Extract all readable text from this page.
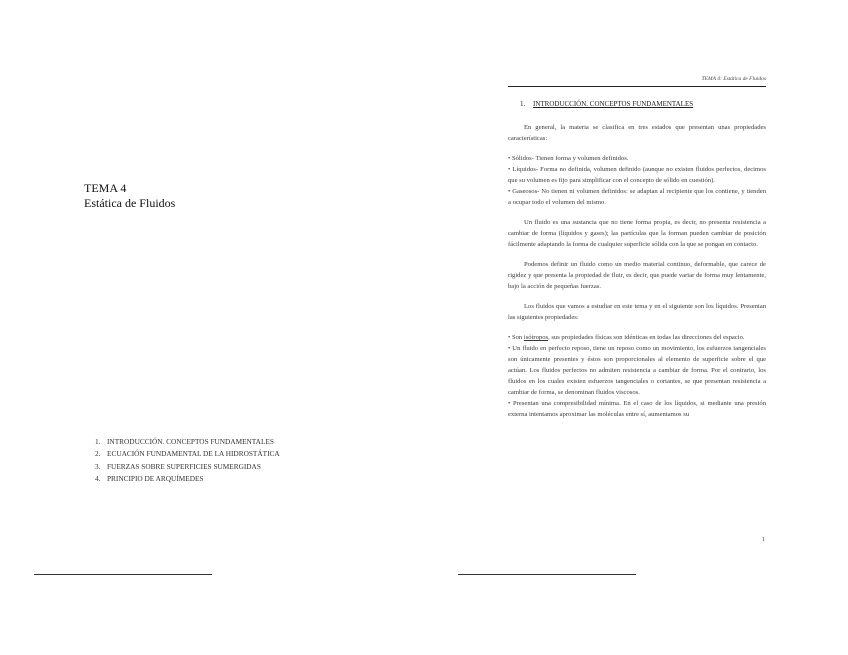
TEMA 4
Estática de Fluidos
1. INTRODUCCIÓN. CONCEPTOS FUNDAMENTALES
2. ECUACIÓN FUNDAMENTAL DE LA HIDROSTÁTICA
3. FUERZAS SOBRE SUPERFICIES SUMERGIDAS
4. PRINCIPIO DE ARQUÍMEDES
TEMA 4: Estática de Fluidos
1. INTRODUCCIÓN. CONCEPTOS FUNDAMENTALES

En general, la materia se clasifica en tres estados que presentan unas propiedades características:

• Sólidos- Tienen forma y volumen definidos.

• Líquidos- Forma no definida, volumen definido (aunque no existen fluidos perfectos, decimos que su volumen es fijo para simplificar con el concepto de sólido en cuestión).

• Gaseosos- No tienen ni volumen definidos: se adaptan al recipiente que los contiene, y tienden a ocupar todo el volumen del mismo.

Un fluido es una sustancia que no tiene forma propia, es decir, no presenta resistencia a cambiar de forma (líquidos y gases); las partículas que la forman pueden cambiar de posición fácilmente adaptando la forma de cualquier superficie sólida con la que se pongan en contacto.

Podemos definir un fluido como un medio material continuo, deformable, que carece de rigidez y que presenta la propiedad de fluir, es decir, que puede variar de forma muy lentamente, bajo la acción de pequeñas fuerzas.

Los fluidos que vamos a estudiar en este tema y en el siguiente son los líquidos. Presentan las siguientes propiedades:

• Son isótropos, sus propiedades físicas son idénticas en todas las direcciones del espacio.

• Un fluido en perfecto reposo, tiene un reposo como un movimiento, los esfuerzos tangenciales son únicamente presentes y éstos son proporcionales al elemento de superficie sobre el que actúan. Los fluidos perfectos no admiten resistencia a cambiar de forma. Por el contrario, los fluidos en los cuales existen esfuerzos tangenciales o cortantes, se que presentan resistencia a cambiar de forma, se denominan fluidos viscosos.

• Presentan una compresibilidad mínima. En el caso de los líquidos, si mediante una presión externa intentamos aproximar las moléculas entre sí, aumentamos su

1
